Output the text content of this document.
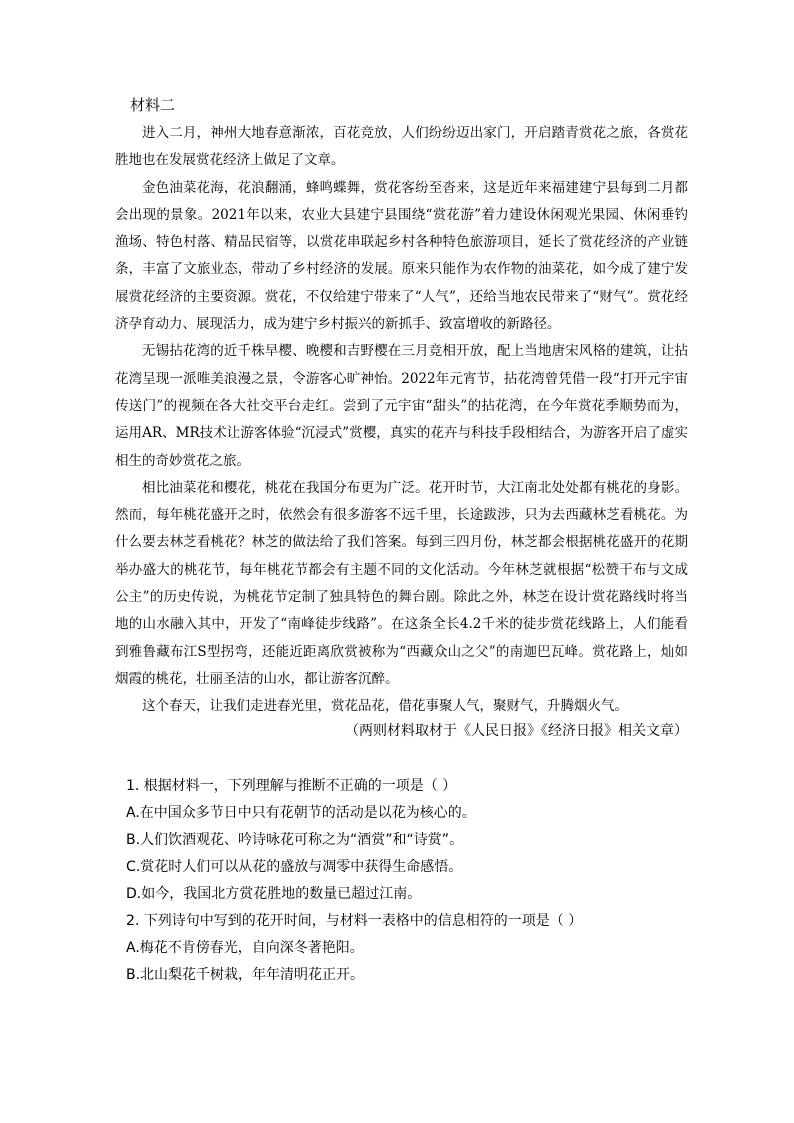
材料二

进入二月，神州大地春意渐浓，百花竞放，人们纷纷迈出家门，开启踏青赏花之旅，各赏花胜地也在发展赏花经济上做足了文章。

金色油菜花海，花浪翻涌，蜂鸣蝶舞，赏花客纷至沓来，这是近年来福建建宁县每到二月都会出现的景象。2021年以来，农业大县建宁县围绕“赏花游”着力建设休闲观光果园、休闲垂钓渔场、特色村落、精品民宿等，以赏花串联起乡村各种特色旅游项目，延长了赏花经济的产业链条，丰富了文旅业态，带动了乡村经济的发展。原来只能作为农作物的油菜花，如今成了建宁发展赏花经济的主要资源。赏花，不仅给建宁带来了“人气”，还给当地农民带来了“财气”。赏花经济孕育动力、展现活力，成为建宁乡村振兴的新抓手、致富增收的新路径。

无锡拈花湾的近千株早樱、晚樱和吉野樱在三月竞相开放，配上当地唐宋风格的建筑，让拈花湾呈现一派唯美浪漫之景，令游客心旷神怡。2022年元宵节，拈花湾曾凭借一段“打开元宇宙传送门”的视频在各大社交平台走红。尝到了元宇宙“甜头”的拈花湾，在今年赏花季顺势而为，运用AR、MR技术让游客体验“沉浸式”赏樱，真实的花卉与科技手段相结合，为游客开启了虚实相生的奇妙赏花之旅。

相比油菜花和樱花，桃花在我国分布更为广泛。花开时节，大江南北处处都有桃花的身影。然而，每年桃花盛开之时，依然会有很多游客不远千里，长途跋涉，只为去西藏林芝看桃花。为什么要去林芝看桃花？林芝的做法给了我们答案。每到三四月份，林芝都会根据桃花盛开的花期举办盛大的桃花节，每年桃花节都会有主题不同的文化活动。今年林芝就根据“松赞干布与文成公主”的历史传说，为桃花节定制了独具特色的舞台剧。除此之外，林芝在设计赏花路线时将当地的山水融入其中，开发了“南峰徒步线路”。在这条全长4.2千米的徒步赏花线路上，人们能看到雅鲁藏布江S型拐弯，还能近距离欣赏被称为“西藏众山之父”的南迦巴瓦峰。赏花路上，灿如烟霞的桃花，壮丽圣洁的山水，都让游客沉醉。

这个春天，让我们走进春光里，赏花品花，借花事聚人气，聚财气，升腾烟火气。

（两则材料取材于《人民日报》《经济日报》相关文章）
1. 根据材料一，下列理解与推断不正确的一项是（ ）
A.在中国众多节日中只有花朝节的活动是以花为核心的。
B.人们饮酒观花、吟诗咏花可称之为“酒赏”和“诗赏”。
C.赏花时人们可以从花的盛放与凋零中获得生命感悟。
D.如今，我国北方赏花胜地的数量已超过江南。
2. 下列诗句中写到的花开时间，与材料一表格中的信息相符的一项是（ ）
A.梅花不肯傍春光，自向深冬著艳阳。
B.北山梨花千树栽，年年清明花正开。
